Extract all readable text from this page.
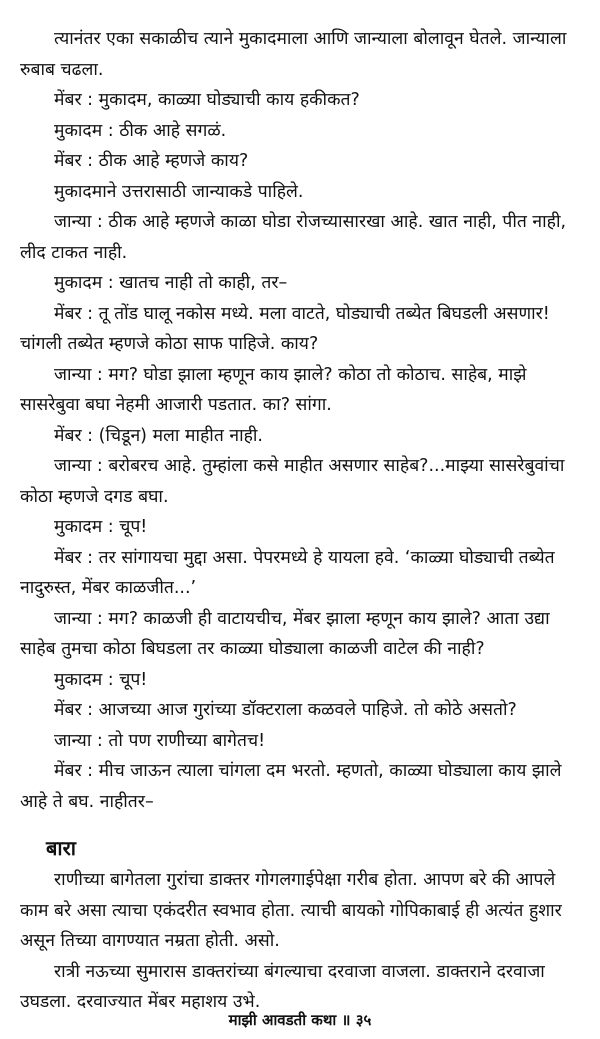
त्यानंतर एका सकाळीच त्याने मुकादमाला आणि जान्याला बोलावून घेतले. जान्याला रुबाब चढला.

मेंबर : मुकादम, काळ्या घोड्याची काय हकीकत?

मुकादम : ठीक आहे सगळं.

मेंबर : ठीक आहे म्हणजे काय?

मुकादमाने उत्तरासाठी जान्याकडे पाहिले.

जान्या : ठीक आहे म्हणजे काळा घोडा रोजच्यासारखा आहे. खात नाही, पीत नाही, लीद टाकत नाही.

मुकादम : खातच नाही तो काही, तर–

मेंबर : तू तोंड घालू नकोस मध्ये. मला वाटते, घोड्याची तब्येत बिघडली असणार! चांगली तब्येत म्हणजे कोठा साफ पाहिजे. काय?

जान्या : मग? घोडा झाला म्हणून काय झाले? कोठा तो कोठाच. साहेब, माझे सासरेबुवा बघा नेहमी आजारी पडतात. का? सांगा.

मेंबर : (चिडून) मला माहीत नाही.

जान्या : बरोबरच आहे. तुम्हांला कसे माहीत असणार साहेब?...माझ्या सासरेबुवांचा कोठा म्हणजे दगड बघा.

मुकादम : चूप!

मेंबर : तर सांगायचा मुद्दा असा. पेपरमध्ये हे यायला हवे. ‘काळ्या घोड्याची तब्येत नादुरुस्त, मेंबर काळजीत...’

जान्या : मग? काळजी ही वाटायचीच, मेंबर झाला म्हणून काय झाले? आता उद्या साहेब तुमचा कोठा बिघडला तर काळ्या घोड्याला काळजी वाटेल की नाही?

मुकादम : चूप!

मेंबर : आजच्या आज गुरांच्या डॉक्टराला कळवले पाहिजे. तो कोठे असतो?

जान्या : तो पण राणीच्या बागेतच!

मेंबर : मीच जाऊन त्याला चांगला दम भरतो. म्हणतो, काळ्या घोड्याला काय झाले आहे ते बघ. नाहीतर–

बारा

राणीच्या बागेतला गुरांचा डाक्तर गोगलगाईपेक्षा गरीब होता. आपण बरे की आपले काम बरे असा त्याचा एकंदरीत स्वभाव होता. त्याची बायको गोपिकाबाई ही अत्यंत हुशार असून तिच्या वागण्यात नम्रता होती. असो.

रात्री नऊच्या सुमारास डाक्तरांच्या बंगल्याचा दरवाजा वाजला. डाक्तराने दरवाजा उघडला. दरवाज्यात मेंबर महाशय उभे.

माझी आवडती कथा ॥ ३५
